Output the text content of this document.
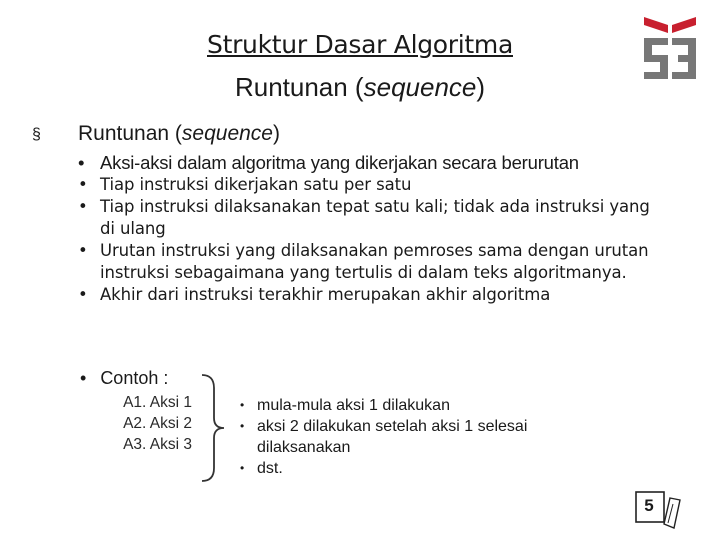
Struktur Dasar Algoritma
Runtunan (sequence)
§ Runtunan (sequence)
• Aksi-aksi dalam algoritma yang dikerjakan secara berurutan
• Tiap instruksi dikerjakan satu per satu
• Tiap instruksi dilaksanakan tepat satu kali; tidak ada instruksi yang di ulang
• Urutan instruksi yang dilaksanakan pemroses sama dengan urutan instruksi sebagaimana yang tertulis di dalam teks algoritmanya.
• Akhir dari instruksi terakhir merupakan akhir algoritma
• Contoh :
A1. Aksi 1
A2. Aksi 2
A3. Aksi 3
• mula-mula aksi 1 dilakukan
• aksi 2 dilakukan setelah aksi 1 selesai dilaksanakan
• dst.
5
